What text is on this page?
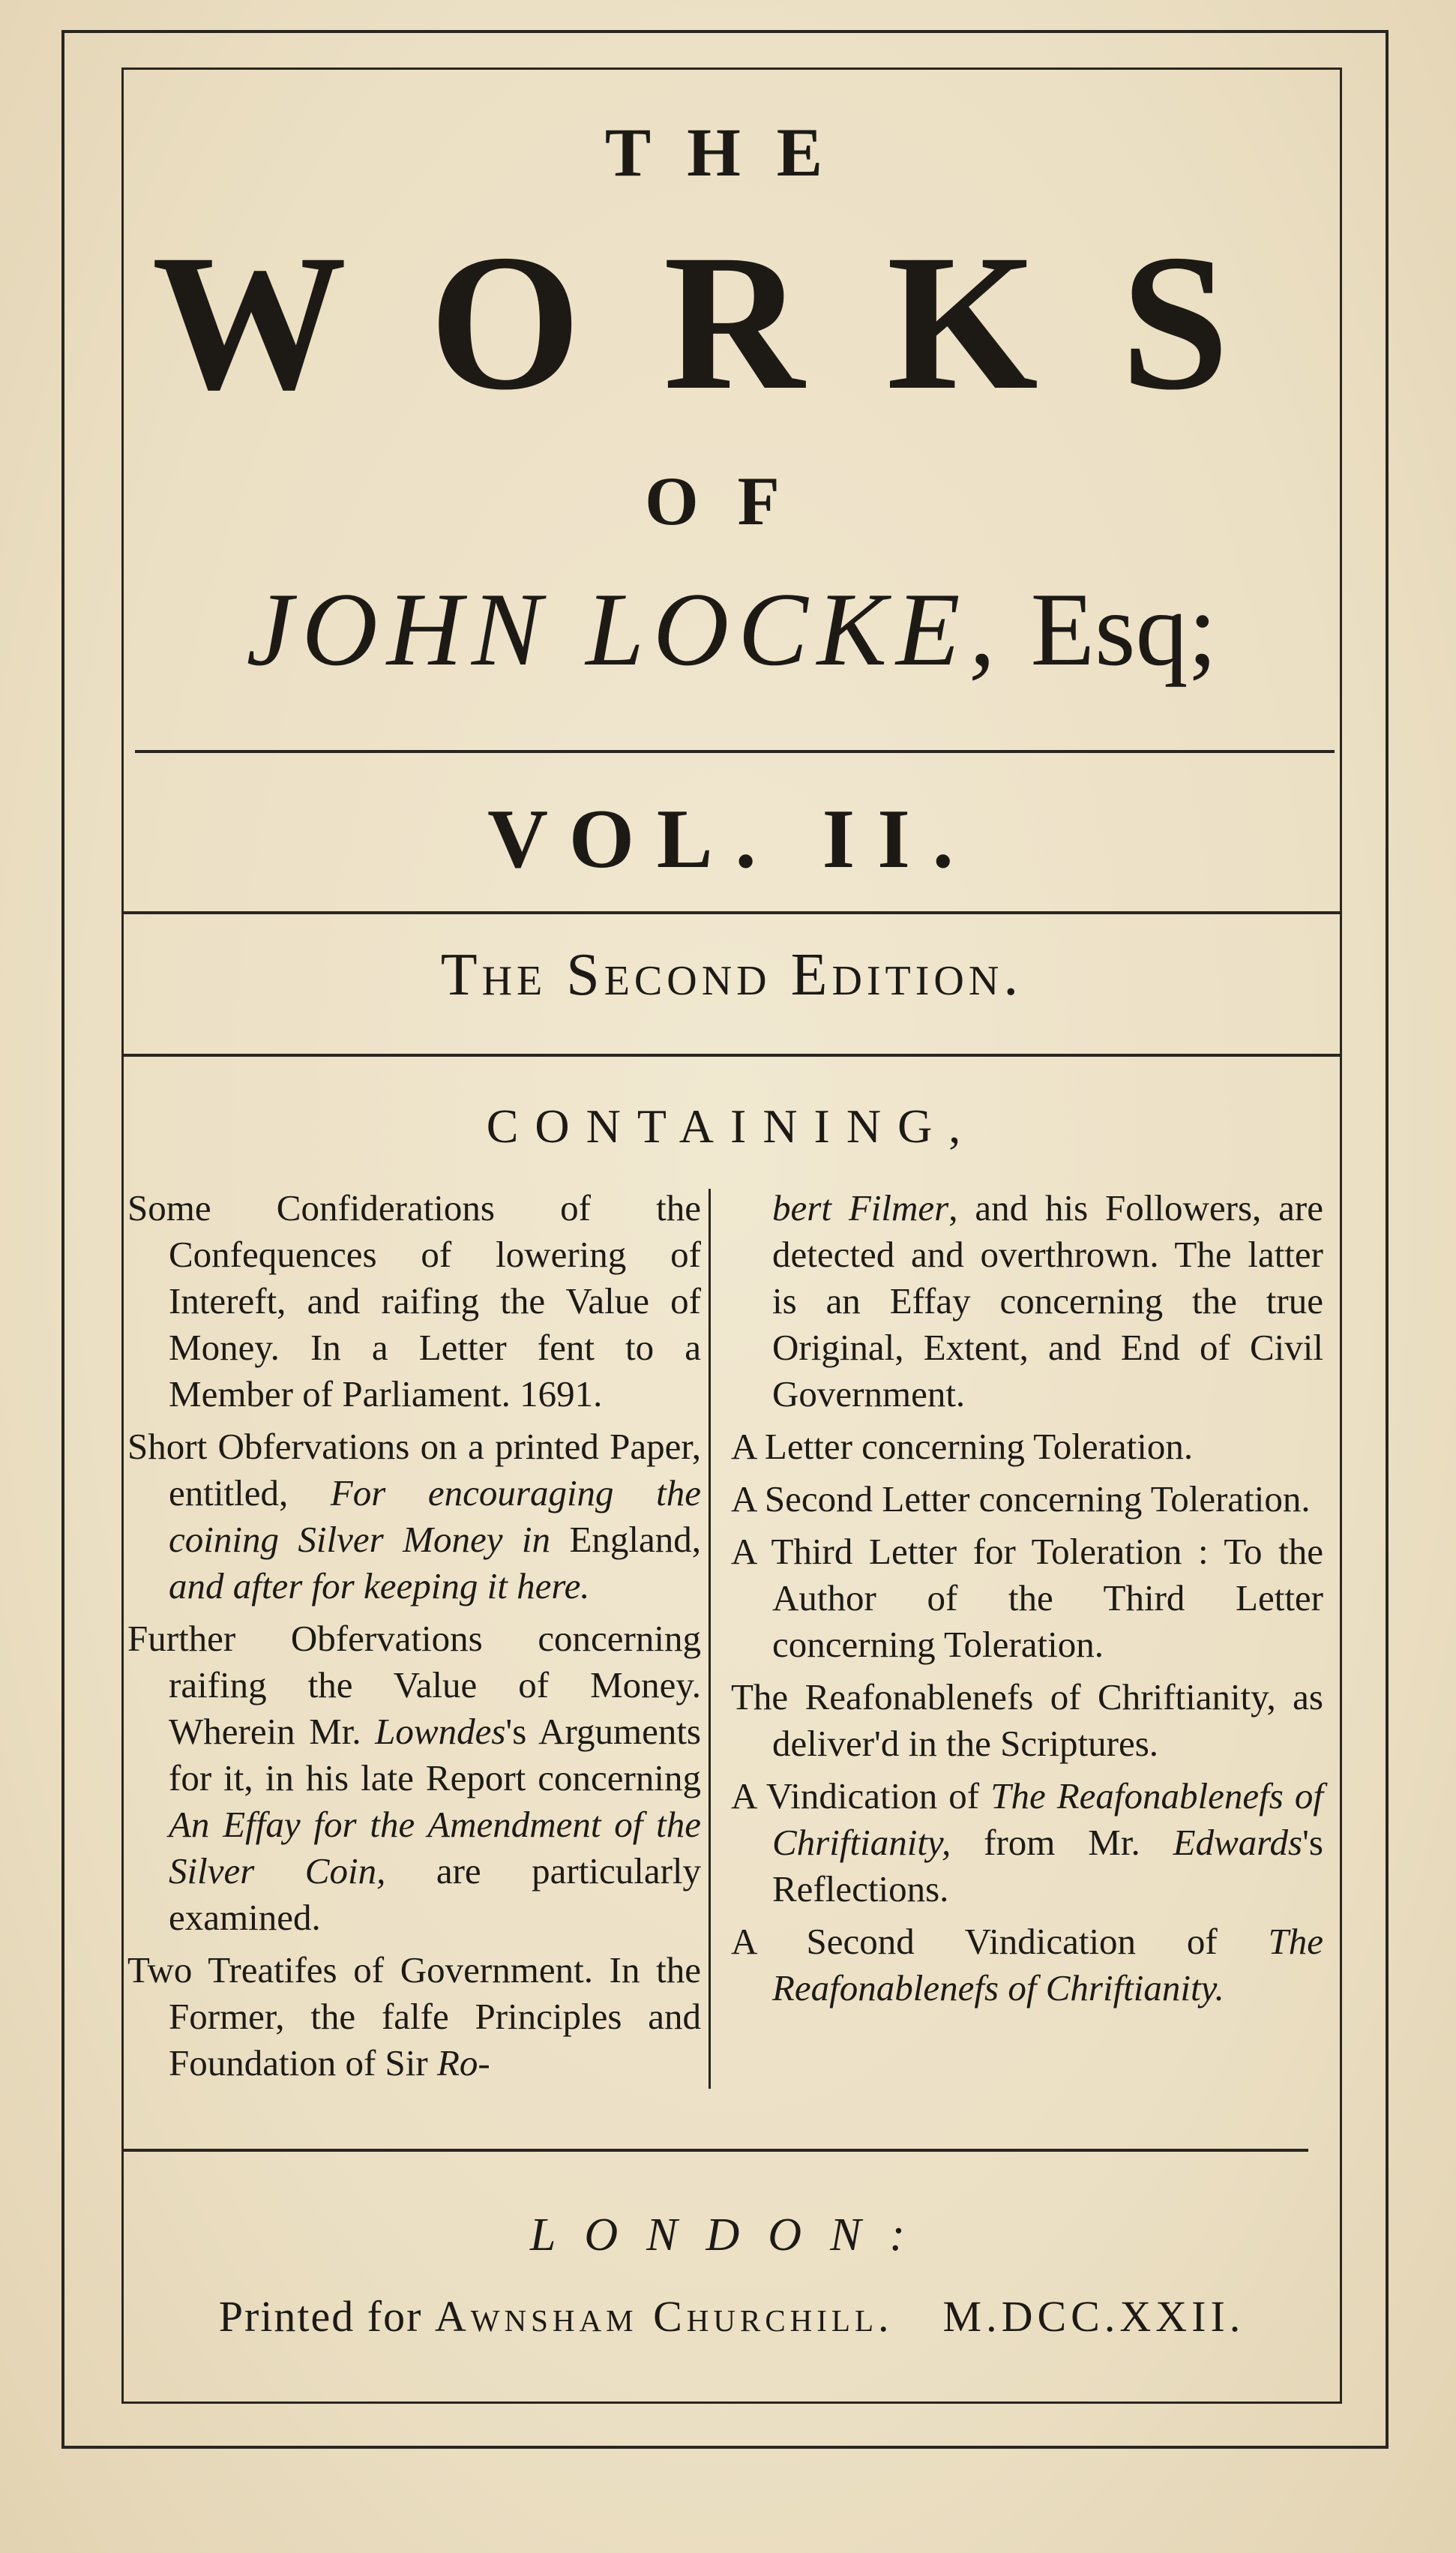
THE
WORKS
OF
JOHN LOCKE, Esq;
VOL. II.
The Second Edition.
CONTAINING,
Some Confiderations of the Confequences of lowering of Intereft, and raifing the Value of Money. In a Letter fent to a Member of Parliament. 1691.
Short Obfervations on a printed Paper, entitled, For encouraging the coining Silver Money in England, and after for keeping it here.
Further Obfervations concerning raifing the Value of Money. Wherein Mr. Lowndes's Arguments for it, in his late Report concerning An Effay for the Amendment of the Silver Coin, are particularly examined.
Two Treatifes of Government. In the Former, the falfe Principles and Foundation of Sir Ro-
bert Filmer, and his Followers, are detected and overthrown. The latter is an Effay concerning the true Original, Extent, and End of Civil Government.
A Letter concerning Toleration.
A Second Letter concerning Toleration.
A Third Letter for Toleration : To the Author of the Third Letter concerning Toleration.
The Reafonablenefs of Chriftianity, as deliver'd in the Scriptures.
A Vindication of The Reafonablenefs of Chriftianity, from Mr. Edwards's Reflections.
A Second Vindication of The Reafonablenefs of Chriftianity.
LONDON:
Printed for Awnsham Churchill. M.DCC.XXII.
